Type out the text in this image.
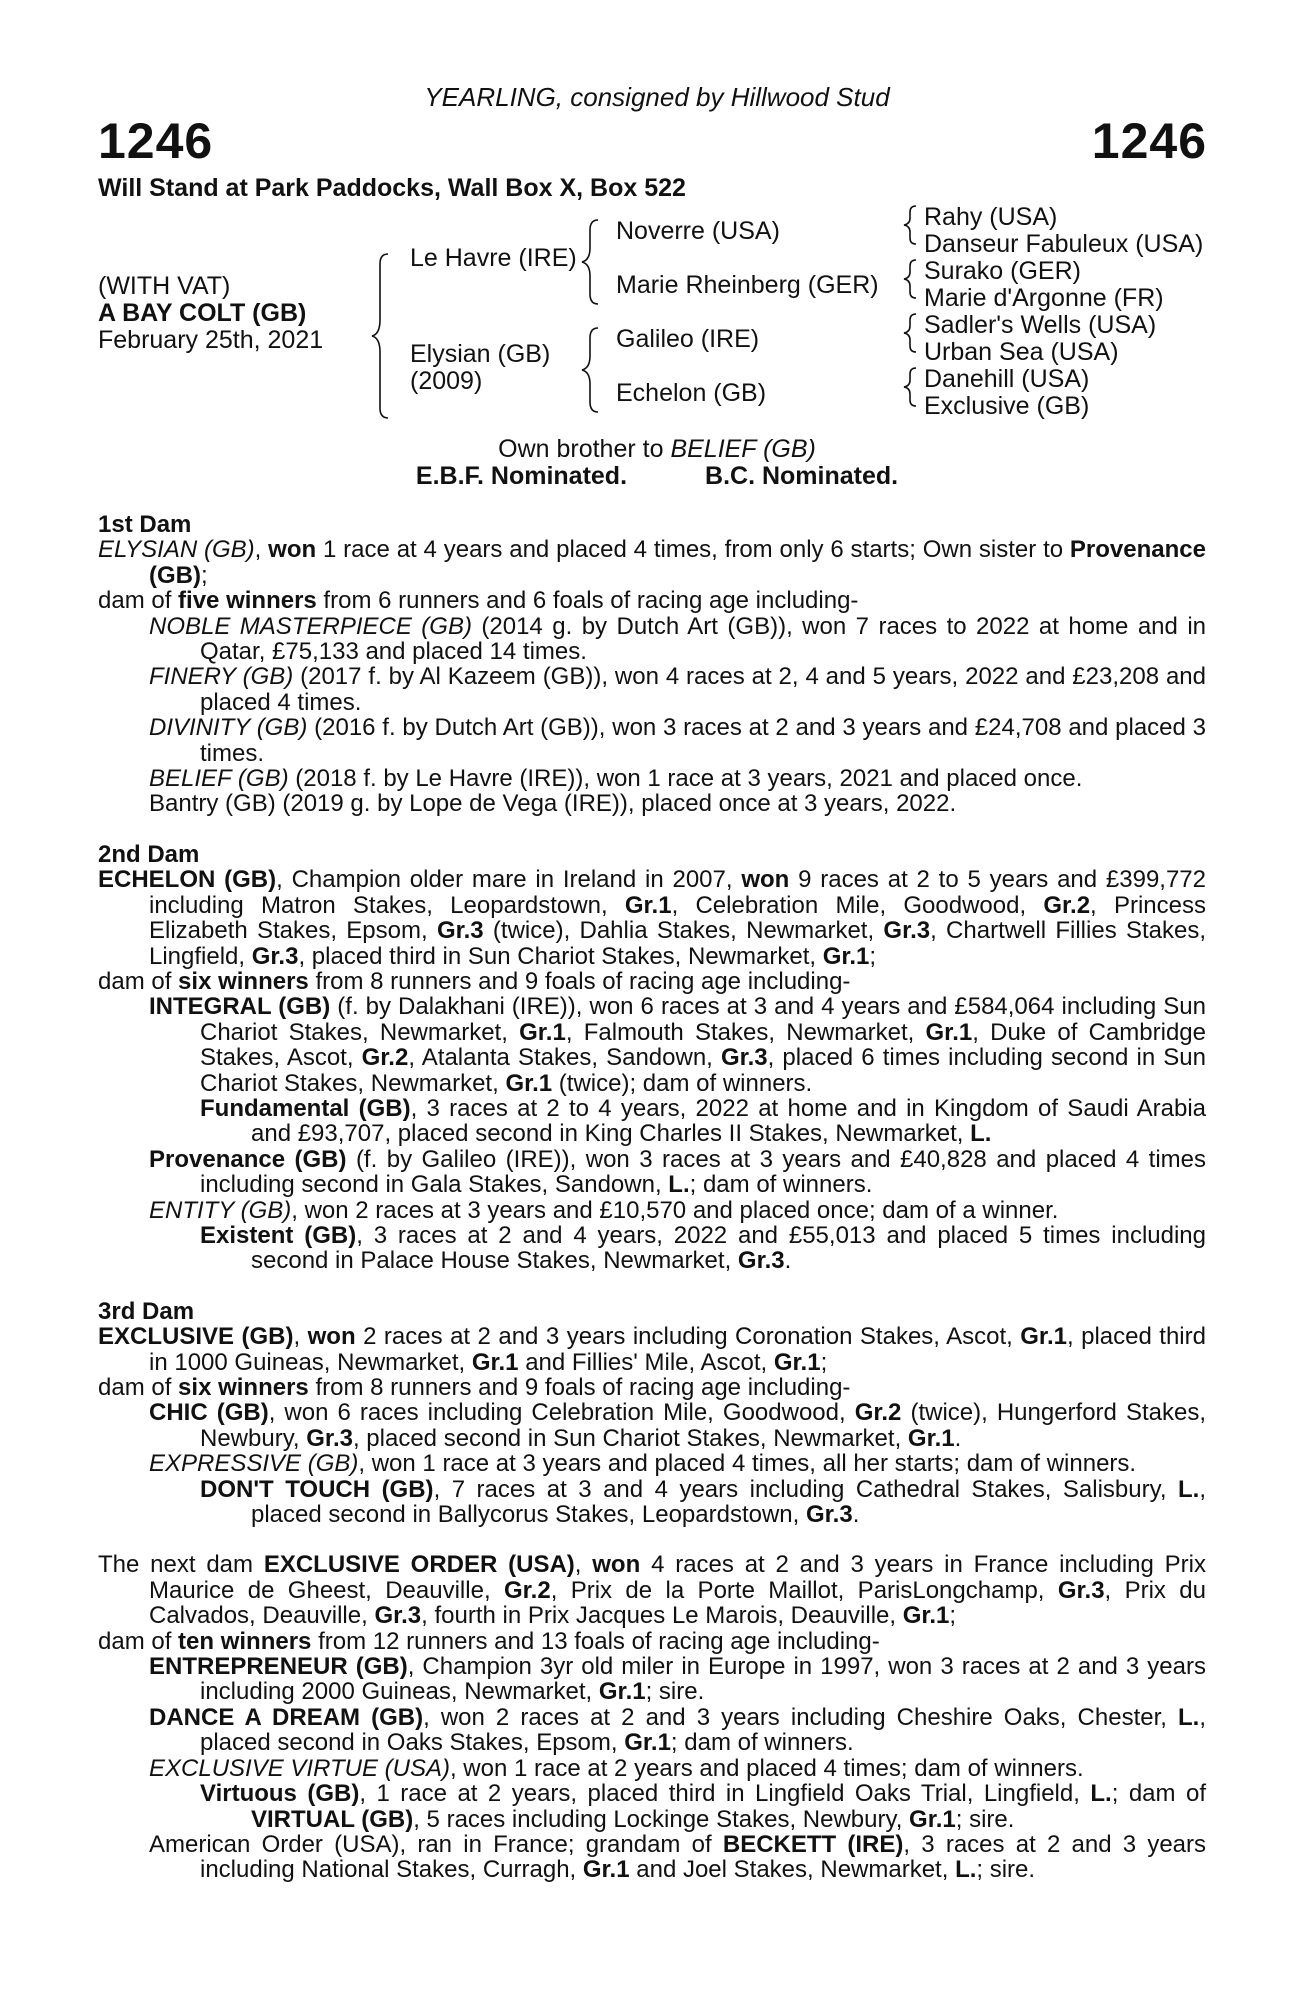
YEARLING, consigned by Hillwood Stud
1246	1246
Will Stand at Park Paddocks, Wall Box X, Box 522
(WITH VAT)
A BAY COLT (GB)
February 25th, 2021
Le Havre (IRE)
Elysian (GB)
(2009)
Noverre (USA)
Marie Rheinberg (GER)
Galileo (IRE)
Echelon (GB)
Rahy (USA)
Danseur Fabuleux (USA)
Surako (GER)
Marie d'Argonne (FR)
Sadler's Wells (USA)
Urban Sea (USA)
Danehill (USA)
Exclusive (GB)
Own brother to BELIEF (GB)
E.B.F. Nominated.	B.C. Nominated.

1st Dam

ELYSIAN (GB), won 1 race at 4 years and placed 4 times, from only 6 starts; Own sister to Provenance (GB);

dam of five winners from 6 runners and 6 foals of racing age including-

NOBLE MASTERPIECE (GB) (2014 g. by Dutch Art (GB)), won 7 races to 2022 at home and in Qatar, £75,133 and placed 14 times.

FINERY (GB) (2017 f. by Al Kazeem (GB)), won 4 races at 2, 4 and 5 years, 2022 and £23,208 and placed 4 times.

DIVINITY (GB) (2016 f. by Dutch Art (GB)), won 3 races at 2 and 3 years and £24,708 and placed 3 times.

BELIEF (GB) (2018 f. by Le Havre (IRE)), won 1 race at 3 years, 2021 and placed once.

Bantry (GB) (2019 g. by Lope de Vega (IRE)), placed once at 3 years, 2022.

2nd Dam

ECHELON (GB), Champion older mare in Ireland in 2007, won 9 races at 2 to 5 years and £399,772 including Matron Stakes, Leopardstown, Gr.1, Celebration Mile, Goodwood, Gr.2, Princess Elizabeth Stakes, Epsom, Gr.3 (twice), Dahlia Stakes, Newmarket, Gr.3, Chartwell Fillies Stakes, Lingfield, Gr.3, placed third in Sun Chariot Stakes, Newmarket, Gr.1;

dam of six winners from 8 runners and 9 foals of racing age including-

INTEGRAL (GB) (f. by Dalakhani (IRE)), won 6 races at 3 and 4 years and £584,064 including Sun Chariot Stakes, Newmarket, Gr.1, Falmouth Stakes, Newmarket, Gr.1, Duke of Cambridge Stakes, Ascot, Gr.2, Atalanta Stakes, Sandown, Gr.3, placed 6 times including second in Sun Chariot Stakes, Newmarket, Gr.1 (twice); dam of winners.

Fundamental (GB), 3 races at 2 to 4 years, 2022 at home and in Kingdom of Saudi Arabia and £93,707, placed second in King Charles II Stakes, Newmarket, L.

Provenance (GB) (f. by Galileo (IRE)), won 3 races at 3 years and £40,828 and placed 4 times including second in Gala Stakes, Sandown, L.; dam of winners.

ENTITY (GB), won 2 races at 3 years and £10,570 and placed once; dam of a winner.

Existent (GB), 3 races at 2 and 4 years, 2022 and £55,013 and placed 5 times including second in Palace House Stakes, Newmarket, Gr.3.

3rd Dam

EXCLUSIVE (GB), won 2 races at 2 and 3 years including Coronation Stakes, Ascot, Gr.1, placed third in 1000 Guineas, Newmarket, Gr.1 and Fillies' Mile, Ascot, Gr.1;

dam of six winners from 8 runners and 9 foals of racing age including-

CHIC (GB), won 6 races including Celebration Mile, Goodwood, Gr.2 (twice), Hungerford Stakes, Newbury, Gr.3, placed second in Sun Chariot Stakes, Newmarket, Gr.1.

EXPRESSIVE (GB), won 1 race at 3 years and placed 4 times, all her starts; dam of winners.

DON'T TOUCH (GB), 7 races at 3 and 4 years including Cathedral Stakes, Salisbury, L., placed second in Ballycorus Stakes, Leopardstown, Gr.3.

The next dam EXCLUSIVE ORDER (USA), won 4 races at 2 and 3 years in France including Prix Maurice de Gheest, Deauville, Gr.2, Prix de la Porte Maillot, ParisLongchamp, Gr.3, Prix du Calvados, Deauville, Gr.3, fourth in Prix Jacques Le Marois, Deauville, Gr.1;

dam of ten winners from 12 runners and 13 foals of racing age including-

ENTREPRENEUR (GB), Champion 3yr old miler in Europe in 1997, won 3 races at 2 and 3 years including 2000 Guineas, Newmarket, Gr.1; sire.

DANCE A DREAM (GB), won 2 races at 2 and 3 years including Cheshire Oaks, Chester, L., placed second in Oaks Stakes, Epsom, Gr.1; dam of winners.

EXCLUSIVE VIRTUE (USA), won 1 race at 2 years and placed 4 times; dam of winners.

Virtuous (GB), 1 race at 2 years, placed third in Lingfield Oaks Trial, Lingfield, L.; dam of VIRTUAL (GB), 5 races including Lockinge Stakes, Newbury, Gr.1; sire.

American Order (USA), ran in France; grandam of BECKETT (IRE), 3 races at 2 and 3 years including National Stakes, Curragh, Gr.1 and Joel Stakes, Newmarket, L.; sire.
